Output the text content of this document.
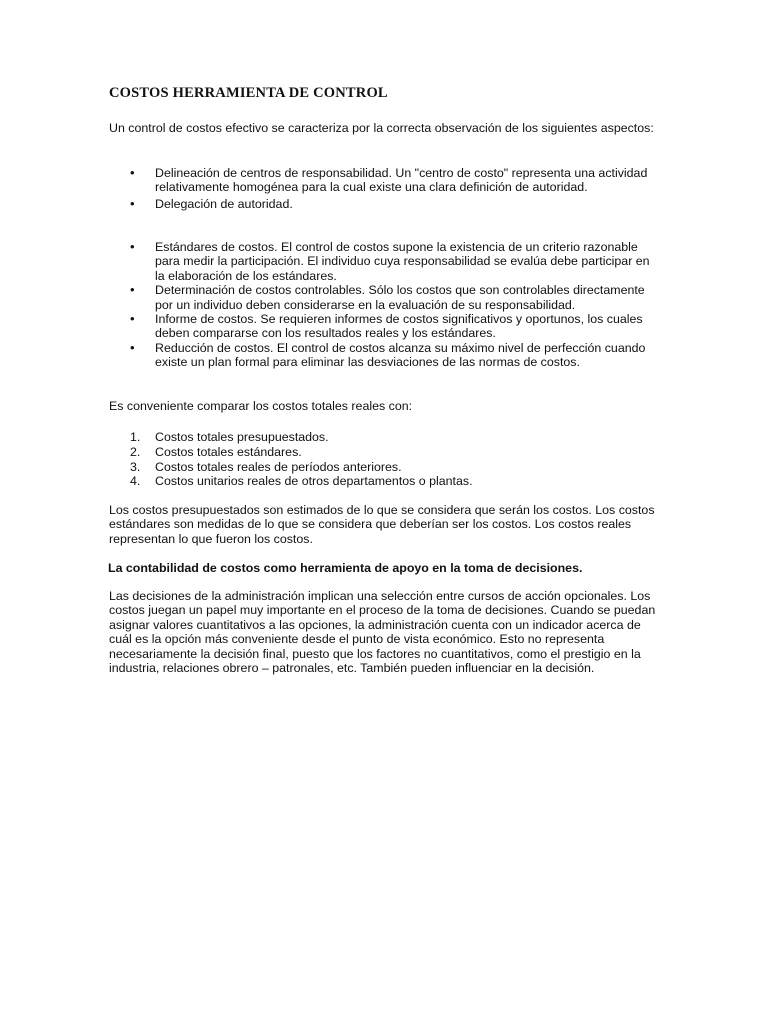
COSTOS HERRAMIENTA DE CONTROL

Un control de costos efectivo se caracteriza por la correcta observación de los siguientes aspectos:

• Delineación de centros de responsabilidad. Un "centro de costo" representa una actividad relativamente homogénea para la cual existe una clara definición de autoridad.
• Delegación de autoridad.
• Estándares de costos. El control de costos supone la existencia de un criterio razonable para medir la participación. El individuo cuya responsabilidad se evalúa debe participar en la elaboración de los estándares.
• Determinación de costos controlables. Sólo los costos que son controlables directamente por un individuo deben considerarse en la evaluación de su responsabilidad.
• Informe de costos. Se requieren informes de costos significativos y oportunos, los cuales deben compararse con los resultados reales y los estándares.
• Reducción de costos. El control de costos alcanza su máximo nivel de perfección cuando existe un plan formal para eliminar las desviaciones de las normas de costos.

Es conveniente comparar los costos totales reales con:

1. Costos totales presupuestados.
2. Costos totales estándares.
3. Costos totales reales de períodos anteriores.
4. Costos unitarios reales de otros departamentos o plantas.

Los costos presupuestados son estimados de lo que se considera que serán los costos. Los costos estándares son medidas de lo que se considera que deberían ser los costos. Los costos reales representan lo que fueron los costos.

La contabilidad de costos como herramienta de apoyo en la toma de decisiones.

Las decisiones de la administración implican una selección entre cursos de acción opcionales. Los costos juegan un papel muy importante en el proceso de la toma de decisiones. Cuando se puedan asignar valores cuantitativos a las opciones, la administración cuenta con un indicador acerca de cuál es la opción más conveniente desde el punto de vista económico. Esto no representa necesariamente la decisión final, puesto que los factores no cuantitativos, como el prestigio en la industria, relaciones obrero – patronales, etc. También pueden influenciar en la decisión.
